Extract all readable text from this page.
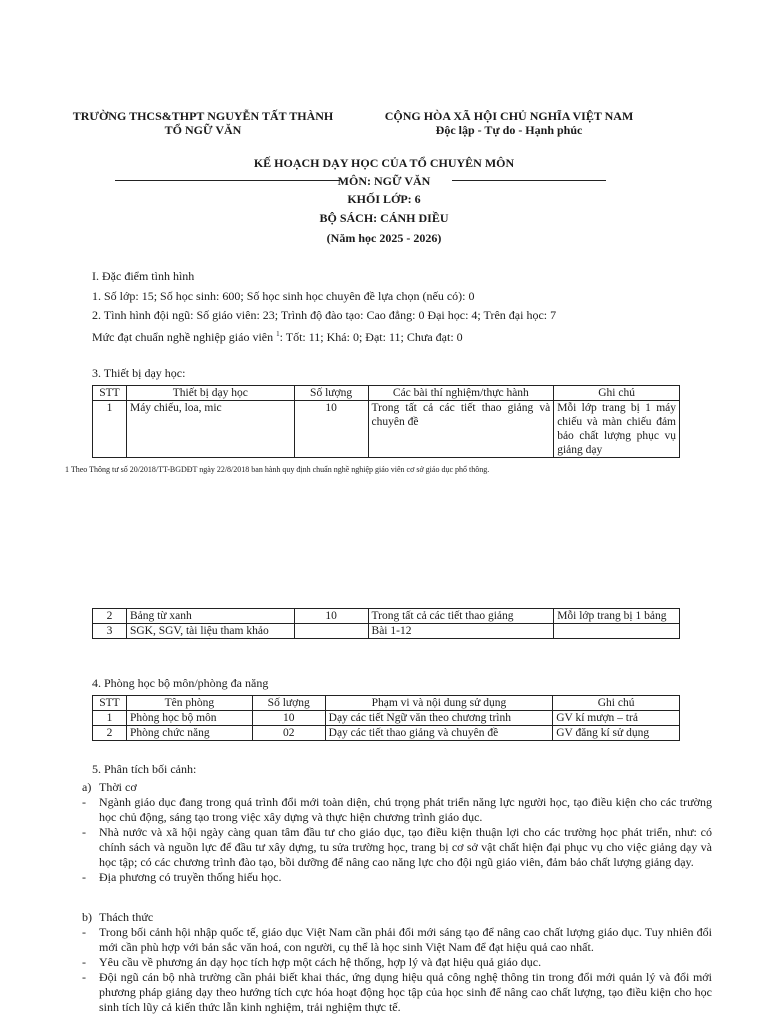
TRƯỜNG THCS&THPT NGUYỄN TẤT THÀNH
TỔ NGỮ VĂN
CỘNG HÒA XÃ HỘI CHỦ NGHĨA VIỆT NAM
Độc lập - Tự do - Hạnh phúc
KẾ HOẠCH DẠY HỌC CỦA TỔ CHUYÊN MÔN
MÔN: NGỮ VĂN
KHỐI LỚP: 6
BỘ SÁCH: CÁNH DIỀU
(Năm học 2025 - 2026)
I. Đặc điểm tình hình
1. Số lớp: 15; Số học sinh: 600; Số học sinh học chuyên đề lựa chọn (nếu có): 0
2. Tình hình đội ngũ: Số giáo viên: 23; Trình độ đào tạo: Cao đẳng: 0 Đại học: 4; Trên đại học: 7
Mức đạt chuẩn nghề nghiệp giáo viên $^1$: Tốt: 11; Khá: 0; Đạt: 11; Chưa đạt: 0
3. Thiết bị dạy học:
STT	Thiết bị dạy học	Số lượng	Các bài thí nghiệm/thực hành	Ghi chú
1	Máy chiếu, loa, mic	10	Trong tất cả các tiết thao giảng và chuyên đề	Mỗi lớp trang bị 1 máy chiếu và màn chiếu đảm bảo chất lượng phục vụ giảng dạy
1 Theo Thông tư số 20/2018/TT-BGDĐT ngày 22/8/2018 ban hành quy định chuẩn nghề nghiệp giáo viên cơ sở giáo dục phổ thông.
2	Bảng từ xanh	10	Trong tất cả các tiết thao giảng	Mỗi lớp trang bị 1 bảng
3	SGK, SGV, tài liệu tham khảo		Bài 1-12	
4. Phòng học bộ môn/phòng đa năng
STT	Tên phòng	Số lượng	Phạm vi và nội dung sử dụng	Ghi chú
1	Phòng học bộ môn	10	Dạy các tiết Ngữ văn theo chương trình	GV kí mượn – trả
2	Phòng chức năng	02	Dạy các tiết thao giảng và chuyên đề	GV đăng kí sử dụng
5. Phân tích bối cảnh:
a) Thời cơ
- Ngành giáo dục đang trong quá trình đổi mới toàn diện, chú trọng phát triển năng lực người học, tạo điều kiện cho các trường học chủ động, sáng tạo trong việc xây dựng và thực hiện chương trình giáo dục.
- Nhà nước và xã hội ngày càng quan tâm đầu tư cho giáo dục, tạo điều kiện thuận lợi cho các trường học phát triển, như: có chính sách và nguồn lực để đầu tư xây dựng, tu sửa trường học, trang bị cơ sở vật chất hiện đại phục vụ cho việc giảng dạy và học tập; có các chương trình đào tạo, bồi dưỡng để nâng cao năng lực cho đội ngũ giáo viên, đảm bảo chất lượng giảng dạy.
- Địa phương có truyền thống hiếu học.
b) Thách thức
- Trong bối cảnh hội nhập quốc tế, giáo dục Việt Nam cần phải đổi mới sáng tạo để nâng cao chất lượng giáo dục. Tuy nhiên đổi mới cần phù hợp với bản sắc văn hoá, con người, cụ thể là học sinh Việt Nam để đạt hiệu quả cao nhất.
- Yêu cầu về phương án dạy học tích hợp một cách hệ thống, hợp lý và đạt hiệu quả giáo dục.
- Đội ngũ cán bộ nhà trường cần phải biết khai thác, ứng dụng hiệu quả công nghệ thông tin trong đổi mới quản lý và đổi mới phương pháp giảng dạy theo hướng tích cực hóa hoạt động học tập của học sinh để nâng cao chất lượng, tạo điều kiện cho học sinh tích lũy cả kiến thức lẫn kinh nghiệm, trải nghiệm thực tế.
